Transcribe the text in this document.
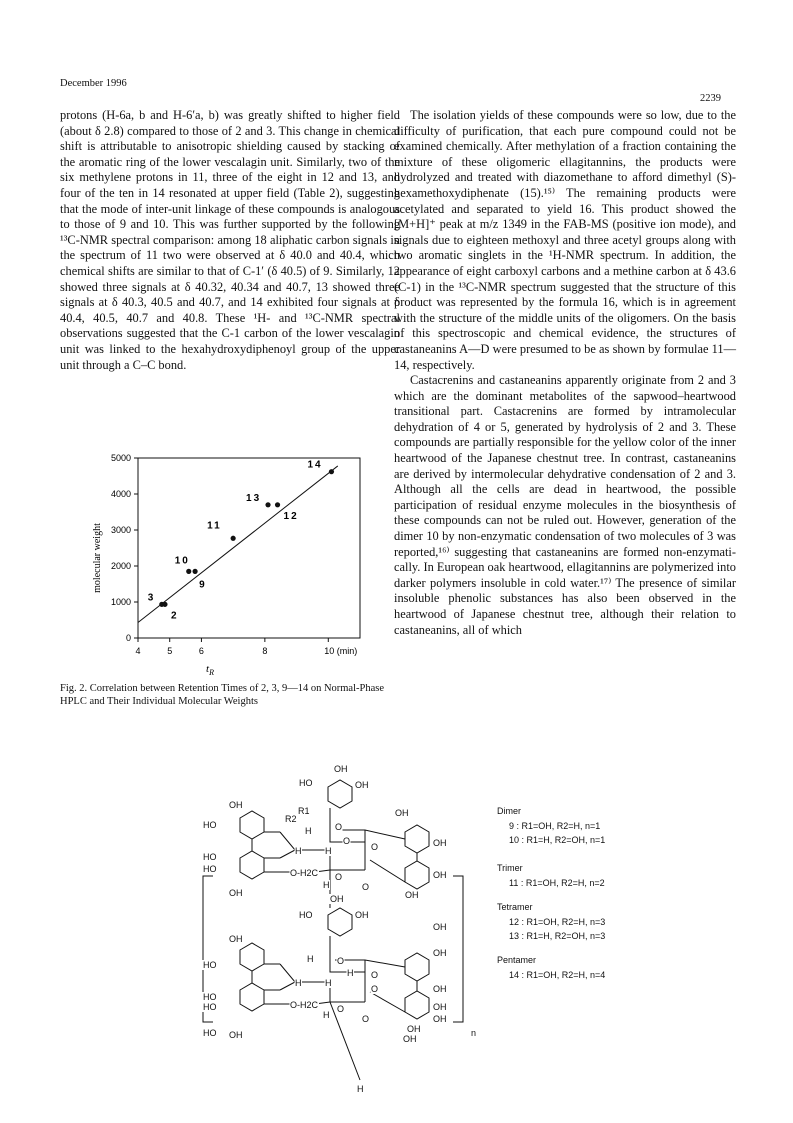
December 1996
2239

protons (H-6a, b and H-6′a, b) was greatly shifted to higher field (about δ 2.8) compared to those of 2 and 3. This change in chemical shift is attributable to anisotropic shielding caused by stacking of the aromatic ring of the lower vescalagin unit. Similarly, two of the six methylene protons in 11, three of the eight in 12 and 13, and four of the ten in 14 resonated at upper field (Table 2), suggesting that the mode of inter-unit linkage of these compounds is analogous to those of 9 and 10. This was further supported by the following ¹³C-NMR spectral comparison: among 18 aliphatic carbon signals in the spectrum of 11 two were observed at δ 40.0 and 40.4, which chemical shifts are similar to that of C-1′ (δ 40.5) of 9. Similarly, 12 showed three signals at δ 40.32, 40.34 and 40.7, 13 showed three signals at δ 40.3, 40.5 and 40.7, and 14 exhibited four signals at δ 40.4, 40.5, 40.7 and 40.8. These ¹H- and ¹³C-NMR spectral observations suggested that the C-1 carbon of the lower vescalagin unit was linked to the hexahydroxydiphenoyl group of the upper unit through a C–C bond.

The isolation yields of these compounds were so low, due to the difficulty of purification, that each pure compound could not be examined chemically. After methylation of a fraction containing the mixture of these oligomeric ellagitannins, the products were hydrolyzed and treated with diazomethane to afford dimethyl (S)-hexamethoxydiphenate (15).¹⁵⁾ The remaining products were acetylated and separated to yield 16. This product showed the [M+H]⁺ peak at m/z 1349 in the FAB-MS (positive ion mode), and signals due to eighteen methoxyl and three acetyl groups along with two aromatic singlets in the ¹H-NMR spectrum. In addition, the appearance of eight carboxyl carbons and a methine carbon at δ 43.6 (C-1) in the ¹³C-NMR spectrum suggested that the structure of this product was represented by the formula 16, which is in agreement with the structure of the middle units of the oligomers. On the basis of this spectroscopic and chemical evidence, the structures of castaneanins A—D were presumed to be as shown by formulae 11—14, respectively.

Castacrenins and castaneanins apparently originate from 2 and 3 which are the dominant metabolites of the sapwood–heartwood transitional part. Castacrenins are formed by intramolecular dehydration of 4 or 5, generated by hydrolysis of 2 and 3. These compounds are partially responsible for the yellow color of the inner heartwood of the Japanese chestnut tree. In contrast, castaneanins are derived by intermolecular dehydrative condensation of 2 and 3. Although all the cells are dead in heartwood, the possible participation of residual enzyme molecules in the biosynthesis of these compounds can not be ruled out. However, generation of the dimer 10 by non-enzymatic condensation of two molecules of 3 was reported,¹⁶⁾ suggesting that castaneanins are formed non-enzymatically. In European oak heartwood, ellagitannins are polymerized into darker polymers insoluble in cold water.¹⁷⁾ The presence of similar insoluble phenolic substances has also been observed in the heartwood of Japanese chestnut tree, although their relation to castaneanins, all of which

0
1000
2000
3000
4000
5000
4	5	6	8	10 (min)
3
2
10
9
11
13
12
14
molecular weight
$t_R$
Fig. 2. Correlation between Retention Times of 2, 3, 9—14 on Normal-Phase HPLC and Their Individual Molecular Weights
OH
HO	OH
R1
R2
OH
OH
HO
H	O
O	OH
HO
H	H	O
OH
HO	O-H2C O
H	O
OH	OH
OH
HO	OH
OH
OH
OH
HO
H	O
H O
OH
HO
H	H
O
OH
HO	O-H2C O
H	O	OH
HO OH	OH
OH
H
n
Dimer
9 : R1=OH, R2=H, n=1
10 : R1=H, R2=OH, n=1
Trimer
11 : R1=OH, R2=H, n=2
Tetramer
12 : R1=OH, R2=H, n=3
13 : R1=H, R2=OH, n=3
Pentamer
14 : R1=OH, R2=H, n=4
